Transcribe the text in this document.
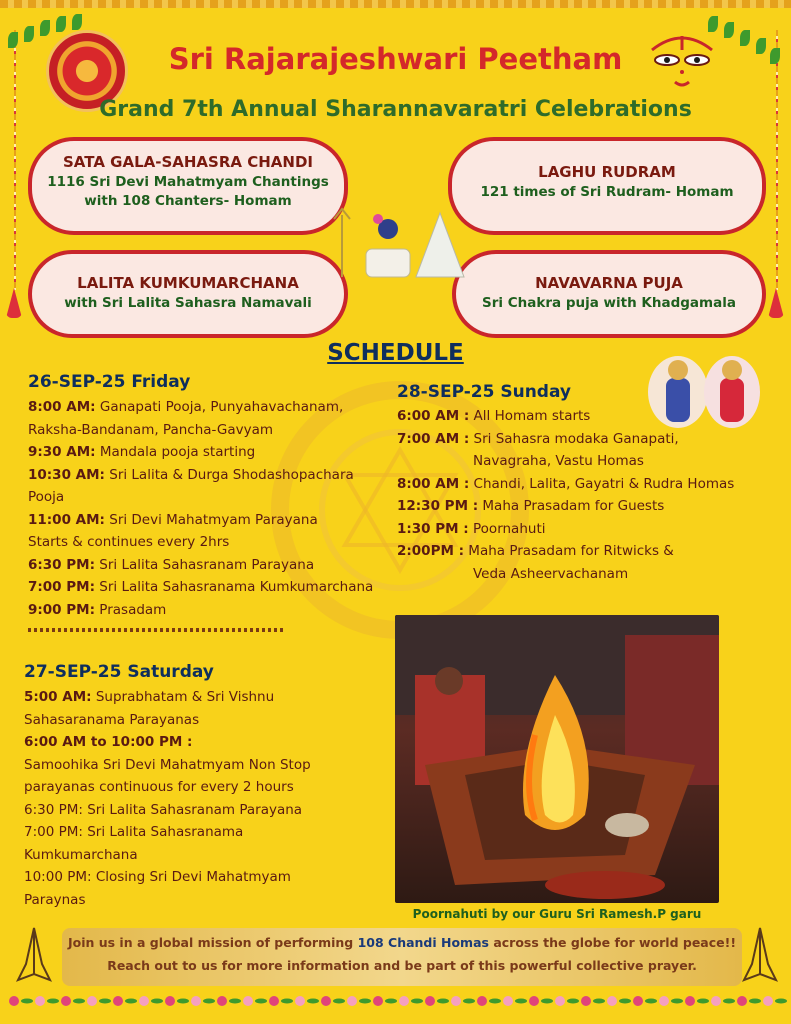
Sri Rajarajeshwari Peetham
Grand 7th Annual Sharannavaratri Celebrations
SATA GALA-SAHASRA CHANDI
1116 Sri Devi Mahatmyam Chantings
with 108 Chanters- Homam
LAGHU RUDRAM
121 times of Sri Rudram- Homam
LALITA KUMKUMARCHANA
with Sri Lalita Sahasra Namavali
NAVAVARNA PUJA
Sri Chakra puja with Khadgamala
SCHEDULE
26-SEP-25 Friday
8:00 AM: Ganapati Pooja, Punyahavachanam,
Raksha-Bandanam, Pancha-Gavyam
9:30 AM: Mandala pooja starting
10:30 AM: Sri Lalita & Durga Shodashopachara
Pooja
11:00 AM: Sri Devi Mahatmyam Parayana
Starts & continues every 2hrs
6:30 PM: Sri Lalita Sahasranam Parayana
7:00 PM: Sri Lalita Sahasranama Kumkumarchana
9:00 PM: Prasadam
27-SEP-25 Saturday
5:00 AM: Suprabhatam & Sri Vishnu
Sahasaranama Parayanas
6:00 AM to 10:00 PM :
Samoohika Sri Devi Mahatmyam Non Stop
parayanas continuous for every 2 hours
6:30 PM: Sri Lalita Sahasranam Parayana
7:00 PM: Sri Lalita Sahasranama
Kumkumarchana
10:00 PM: Closing Sri Devi Mahatmyam
Paraynas
28-SEP-25 Sunday
6:00 AM : All Homam starts
7:00 AM : Sri Sahasra modaka Ganapati,
Navagraha, Vastu Homas
8:00 AM : Chandi, Lalita, Gayatri & Rudra Homas
12:30 PM : Maha Prasadam for Guests
1:30 PM : Poornahuti
2:00PM : Maha Prasadam for Ritwicks &
Veda Asheervachanam
Poornahuti by our Guru Sri Ramesh.P garu
Join us in a global mission of performing 108 Chandi Homas across the globe for world peace!!
Reach out to us for more information and be part of this powerful collective prayer.
